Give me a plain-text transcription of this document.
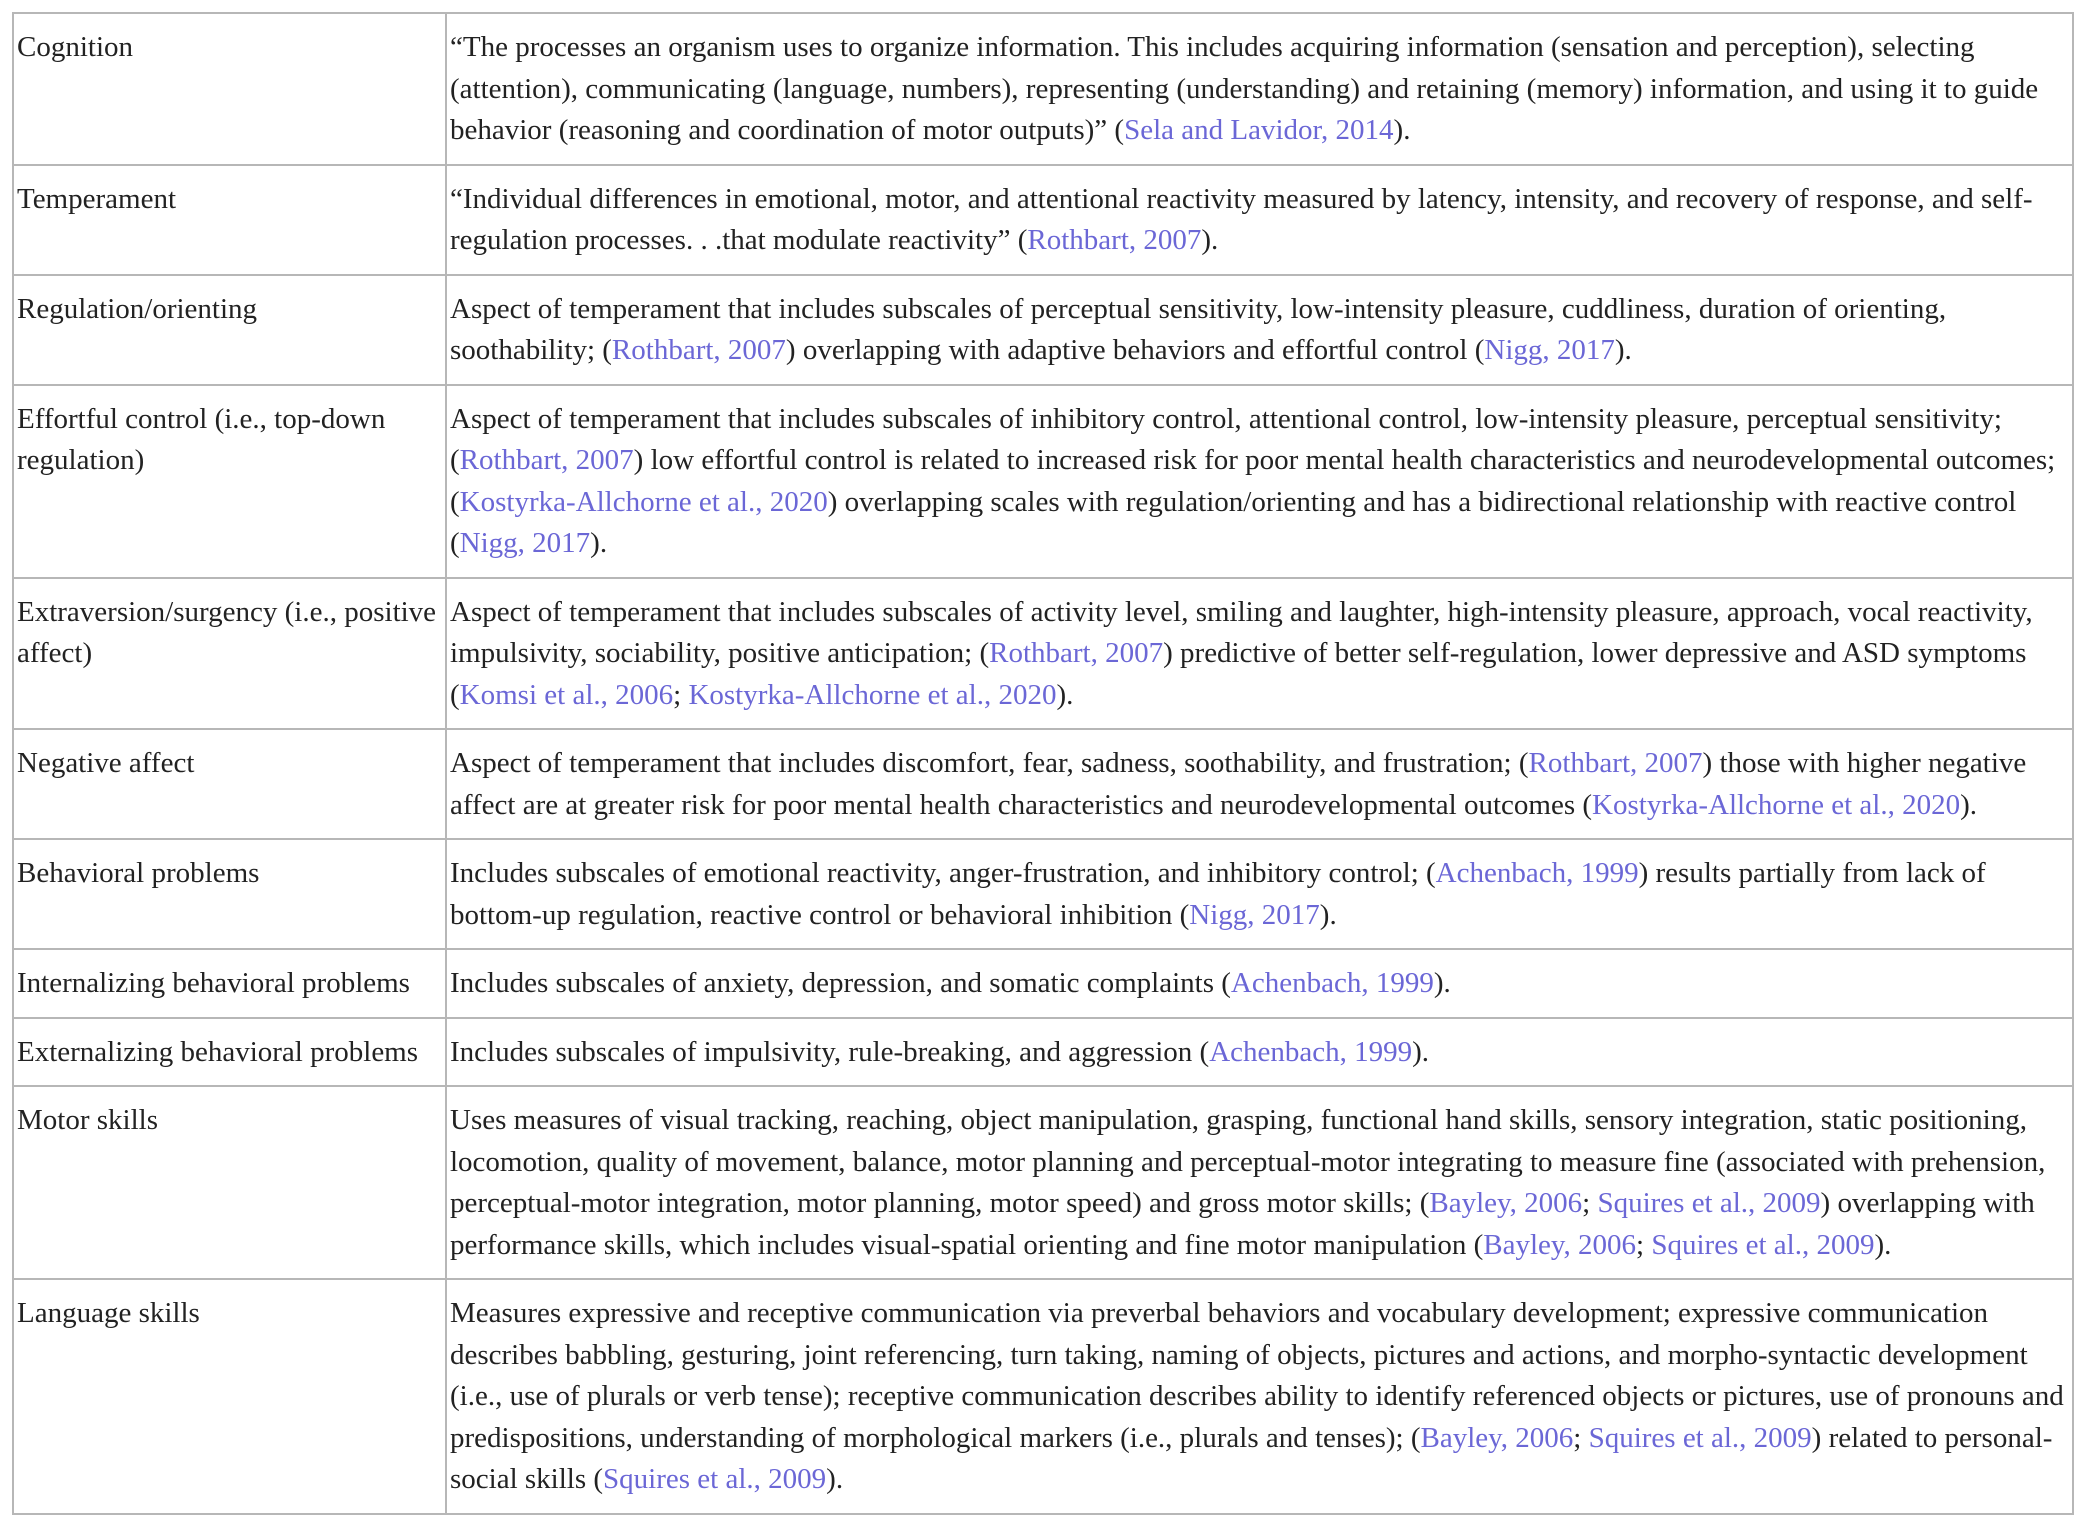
Cognition	“The processes an organism uses to organize information. This includes acquiring information (sensation and perception), selecting (attention), communicating (language, numbers), representing (understanding) and retaining (memory) information, and using it to guide behavior (reasoning and coordination of motor outputs)” (Sela and Lavidor, 2014).
Temperament	“Individual differences in emotional, motor, and attentional reactivity measured by latency, intensity, and recovery of response, and self-regulation processes. . .that modulate reactivity” (Rothbart, 2007).
Regulation/orienting	Aspect of temperament that includes subscales of perceptual sensitivity, low-intensity pleasure, cuddliness, duration of orienting, soothability; (Rothbart, 2007) overlapping with adaptive behaviors and effortful control (Nigg, 2017).
Effortful control (i.e., top-down regulation)	Aspect of temperament that includes subscales of inhibitory control, attentional control, low-intensity pleasure, perceptual sensitivity; (Rothbart, 2007) low effortful control is related to increased risk for poor mental health characteristics and neurodevelopmental outcomes; (Kostyrka-Allchorne et al., 2020) overlapping scales with regulation/orienting and has a bidirectional relationship with reactive control (Nigg, 2017).
Extraversion/surgency (i.e., positive affect)	Aspect of temperament that includes subscales of activity level, smiling and laughter, high-intensity pleasure, approach, vocal reactivity, impulsivity, sociability, positive anticipation; (Rothbart, 2007) predictive of better self-regulation, lower depressive and ASD symptoms (Komsi et al., 2006; Kostyrka-Allchorne et al., 2020).
Negative affect	Aspect of temperament that includes discomfort, fear, sadness, soothability, and frustration; (Rothbart, 2007) those with higher negative affect are at greater risk for poor mental health characteristics and neurodevelopmental outcomes (Kostyrka-Allchorne et al., 2020).
Behavioral problems	Includes subscales of emotional reactivity, anger-frustration, and inhibitory control; (Achenbach, 1999) results partially from lack of bottom-up regulation, reactive control or behavioral inhibition (Nigg, 2017).
Internalizing behavioral problems	Includes subscales of anxiety, depression, and somatic complaints (Achenbach, 1999).
Externalizing behavioral problems	Includes subscales of impulsivity, rule-breaking, and aggression (Achenbach, 1999).
Motor skills	Uses measures of visual tracking, reaching, object manipulation, grasping, functional hand skills, sensory integration, static positioning, locomotion, quality of movement, balance, motor planning and perceptual-motor integrating to measure fine (associated with prehension, perceptual-motor integration, motor planning, motor speed) and gross motor skills; (Bayley, 2006; Squires et al., 2009) overlapping with performance skills, which includes visual-spatial orienting and fine motor manipulation (Bayley, 2006; Squires et al., 2009).
Language skills	Measures expressive and receptive communication via preverbal behaviors and vocabulary development; expressive communication describes babbling, gesturing, joint referencing, turn taking, naming of objects, pictures and actions, and morpho-syntactic development (i.e., use of plurals or verb tense); receptive communication describes ability to identify referenced objects or pictures, use of pronouns and predispositions, understanding of morphological markers (i.e., plurals and tenses); (Bayley, 2006; Squires et al., 2009) related to personal-social skills (Squires et al., 2009).
